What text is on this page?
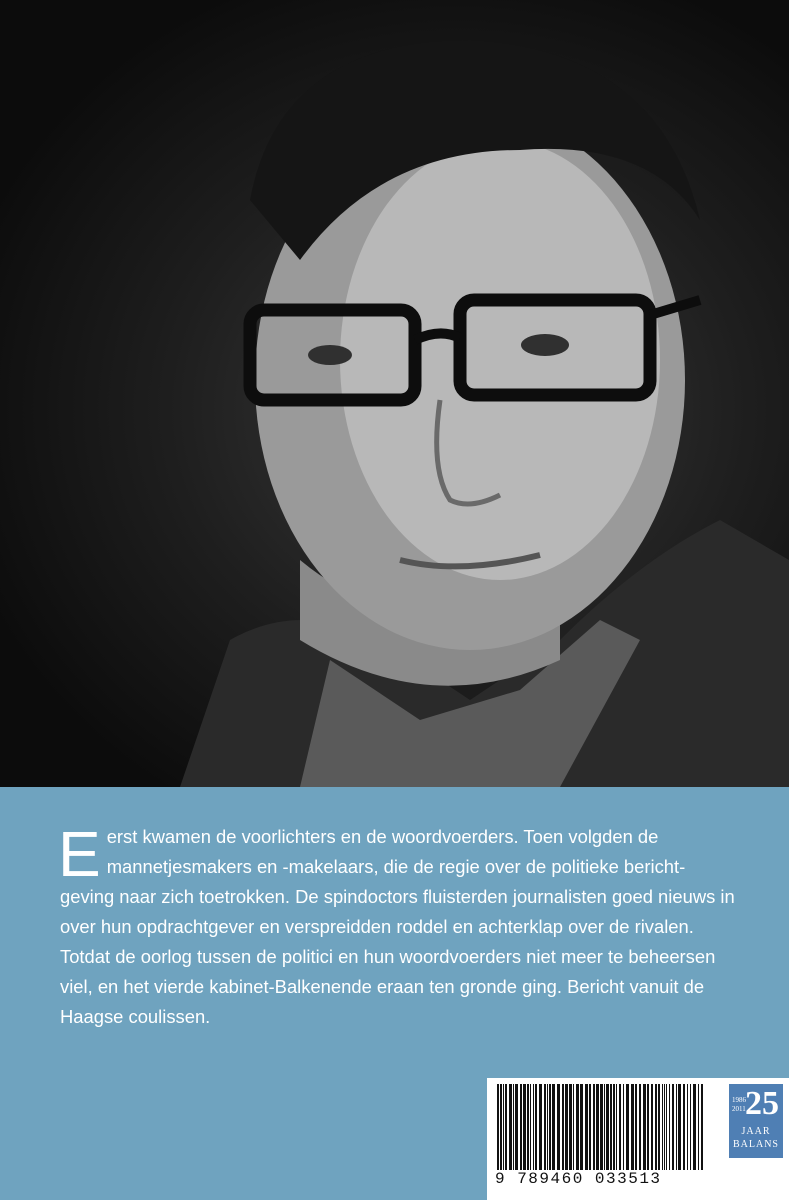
Eerst kwamen de voorlichters en de woordvoerders. Toen volgden de mannetjesmakers en -makelaars, die de regie over de politieke bericht-geving naar zich toetrokken. De spindoctors fluisterden journalisten goed nieuws in over hun opdrachtgever en verspreidden roddel en achterklap over de rivalen. Totdat de oorlog tussen de politici en hun woordvoerders niet meer te beheersen viel, en het vierde kabinet-Balkenende eraan ten gronde ging. Bericht vanuit de Haagse coulissen.
9 789460 033513
1986
2011 25
JAAR
BALANS
